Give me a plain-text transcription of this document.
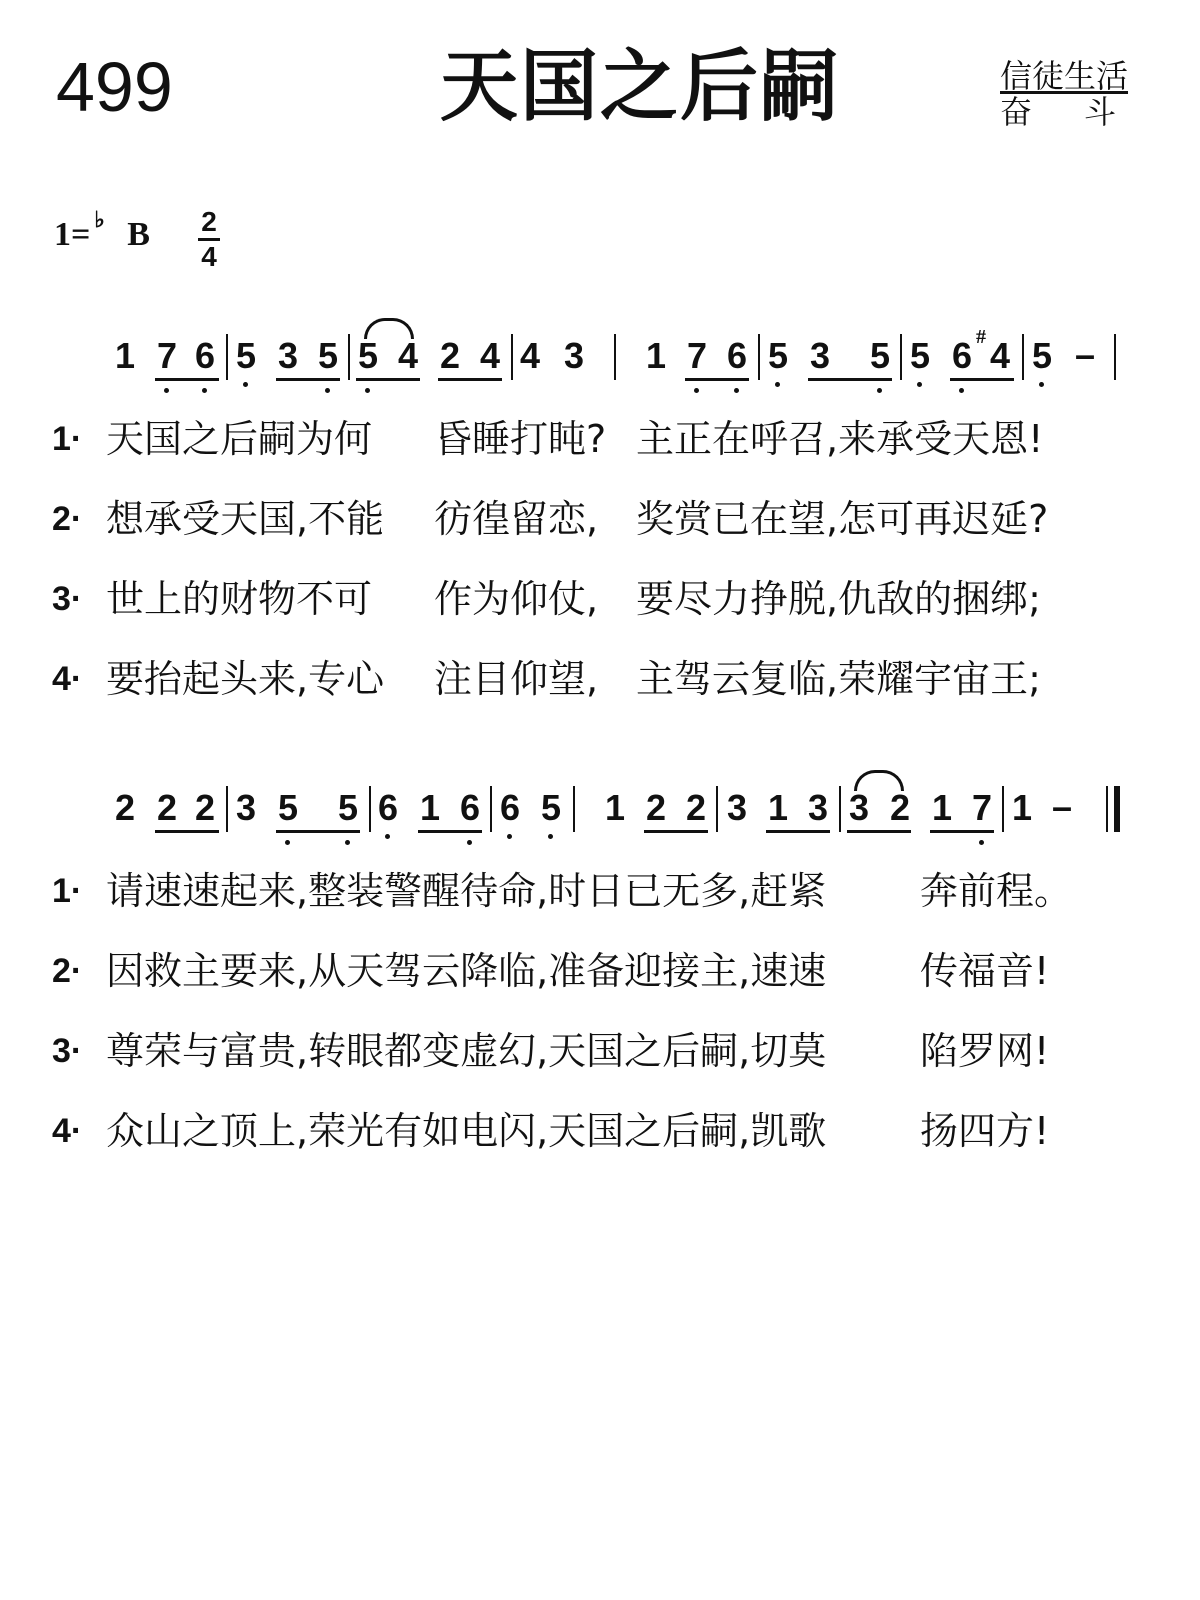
499	天国之后嗣	信徒生活
奋斗
1= ♭ B 2
4
1 7 6 5 3 5 5 4 2 4 4 3 1 7 6 5 3 5 5 6 # 4 5 –

1·

天国之后嗣为何

昏睡打盹?

主正在呼召,来承受天恩!

2·

想承受天国,不能

彷徨留恋,

奖赏已在望,怎可再迟延?

3·

世上的财物不可

作为仰仗,

要尽力挣脱,仇敌的捆绑;

4·

要抬起头来,专心

注目仰望,

主驾云复临,荣耀宇宙王;

2 2 2 3 5 5 6 1 6 6 5 1 2 2 3 1 3 3 2 1 7 1 –

1·

请速速起来,整装警醒待命,时日已无多,赶紧

奔前程。

2·

因救主要来,从天驾云降临,准备迎接主,速速

传福音!

3·

尊荣与富贵,转眼都变虚幻,天国之后嗣,切莫

陷罗网!

4·

众山之顶上,荣光有如电闪,天国之后嗣,凯歌

扬四方!
